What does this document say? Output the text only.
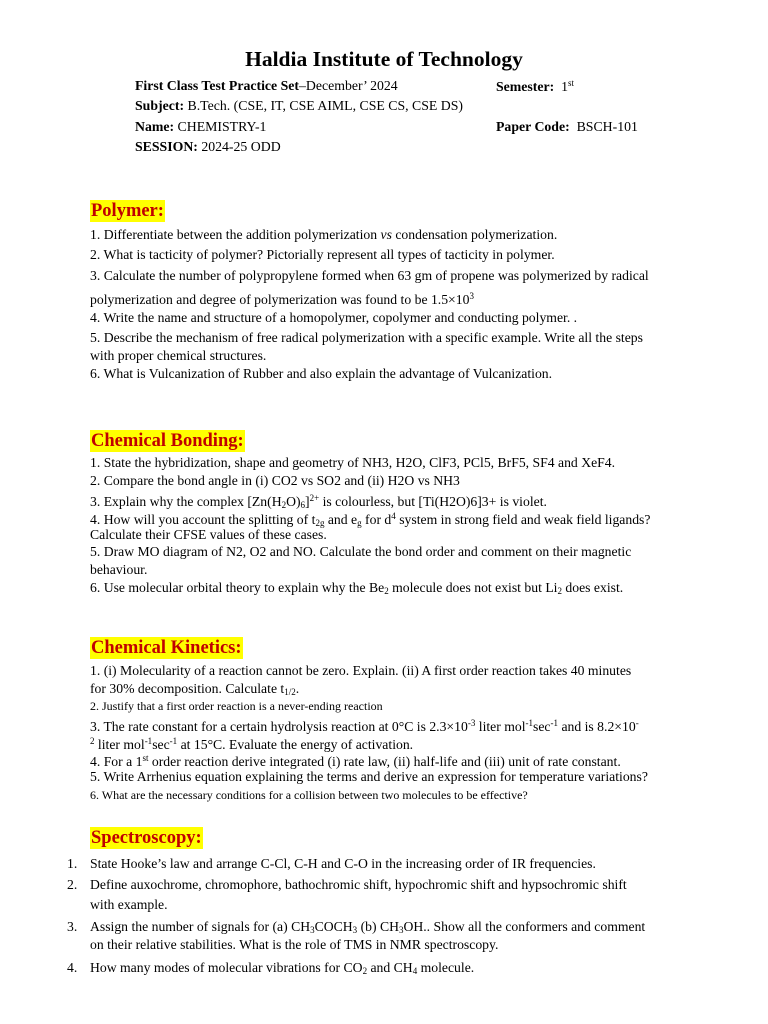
Haldia Institute of Technology
First Class Test Practice Set–December’ 2024	Semester: 1st
Subject: B.Tech. (CSE, IT, CSE AIML, CSE CS, CSE DS)
Name: CHEMISTRY-1	Paper Code: BSCH-101
SESSION: 2024-25 ODD
Polymer:
1. Differentiate between the addition polymerization vs condensation polymerization.
2. What is tacticity of polymer? Pictorially represent all types of tacticity in polymer.
3. Calculate the number of polypropylene formed when 63 gm of propene was polymerized by radical
polymerization and degree of polymerization was found to be $1.5\times 10^3$
4. Write the name and structure of a homopolymer, copolymer and conducting polymer. .
5. Describe the mechanism of free radical polymerization with a specific example. Write all the steps
with proper chemical structures.
6. What is Vulcanization of Rubber and also explain the advantage of Vulcanization.
Chemical Bonding:
1. State the hybridization, shape and geometry of NH3, H2O, ClF3, PCl5, BrF5, SF4 and XeF4.
2. Compare the bond angle in (i) CO2 vs SO2 and (ii) H2O vs NH3
3. Explain why the complex $[Zn(H_2O)_6]^{2+}$ is colourless, but [Ti(H2O)6]3+ is violet.
4. How will you account the splitting of $t_{2g}$ and $e_g$ for $d^4$ system in strong field and weak field ligands?
Calculate their CFSE values of these cases.
5. Draw MO diagram of N2, O2 and NO. Calculate the bond order and comment on their magnetic
behaviour.
6. Use molecular orbital theory to explain why the $Be_2$ molecule does not exist but $Li_2$ does exist.
Chemical Kinetics:
1. (i) Molecularity of a reaction cannot be zero. Explain. (ii) A first order reaction takes 40 minutes
for 30% decomposition. Calculate $t_{1/2}$.
2. Justify that a first order reaction is a never-ending reaction
3. The rate constant for a certain hydrolysis reaction at 0°C is $2.3\times 10^{-3}$ liter $mol^{-1}\sec^{-1}$ and is 8.2×10-
$^2$ liter $mol^{-1}\sec^{-1}$ at 15°C. Evaluate the energy of activation.
4. For a 1st order reaction derive integrated (i) rate law, (ii) half-life and (iii) unit of rate constant.
5. Write Arrhenius equation explaining the terms and derive an expression for temperature variations?
6. What are the necessary conditions for a collision between two molecules to be effective?
Spectroscopy:
1. State Hooke’s law and arrange C-Cl, C-H and C-O in the increasing order of IR frequencies.
2. Define auxochrome, chromophore, bathochromic shift, hypochromic shift and hypsochromic shift
with example.
3. Assign the number of signals for (a) $CH_3COCH_3$ (b) $CH_3OH$.. Show all the conformers and comment
on their relative stabilities. What is the role of TMS in NMR spectroscopy.
4. How many modes of molecular vibrations for $CO_2$ and $CH_4$ molecule.
